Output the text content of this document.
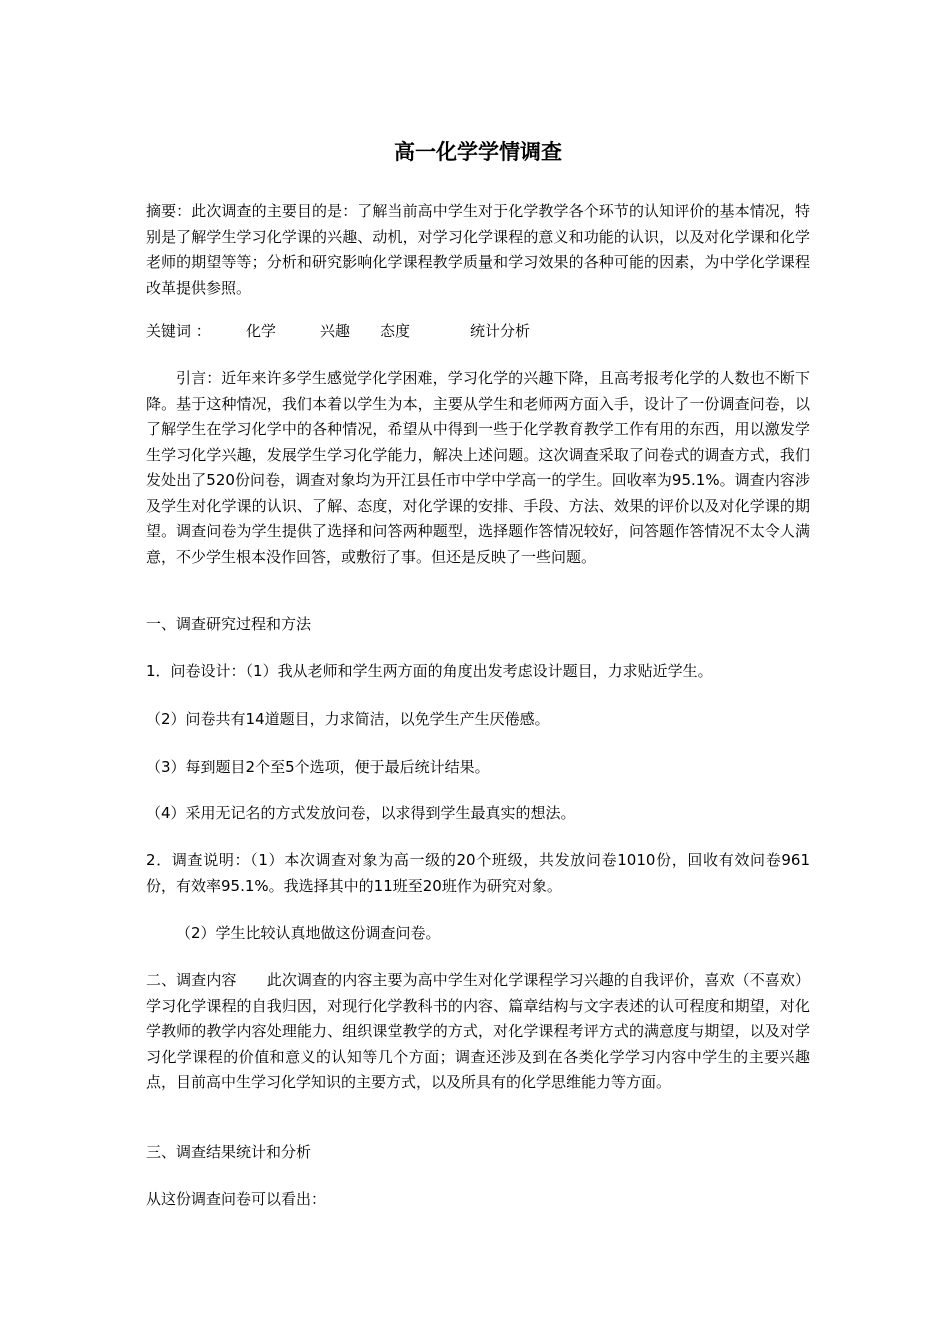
高一化学学情调查

摘要：此次调查的主要目的是：了解当前高中学生对于化学教学各个环节的认知评价的基本情况，特别是了解学生学习化学课的兴趣、动机，对学习化学课程的意义和功能的认识，以及对化学课和化学老师的期望等等；分析和研究影响化学课程教学质量和学习效果的各种可能的因素，为中学化学课程改革提供参照。

关键词 ： 化学	兴趣 态度	统计分析

引言：近年来许多学生感觉学化学困难，学习化学的兴趣下降，且高考报考化学的人数也不断下降。基于这种情况，我们本着以学生为本，主要从学生和老师两方面入手，设计了一份调查问卷，以了解学生在学习化学中的各种情况，希望从中得到一些于化学教育教学工作有用的东西，用以激发学生学习化学兴趣，发展学生学习化学能力，解决上述问题。这次调查采取了问卷式的调查方式，我们发处出了520份问卷，调查对象均为开江县任市中学中学高一的学生。回收率为95.1%。调查内容涉及学生对化学课的认识、了解、态度，对化学课的安排、手段、方法、效果的评价以及对化学课的期望。调查问卷为学生提供了选择和问答两种题型，选择题作答情况较好，问答题作答情况不太令人满意，不少学生根本没作回答，或敷衍了事。但还是反映了一些问题。

一、调查研究过程和方法

1．问卷设计：（1）我从老师和学生两方面的角度出发考虑设计题目，力求贴近学生。

（2）问卷共有14道题目，力求简洁，以免学生产生厌倦感。

（3）每到题目2个至5个选项，便于最后统计结果。

（4）采用无记名的方式发放问卷，以求得到学生最真实的想法。

2．调查说明：（1）本次调查对象为高一级的20个班级，共发放问卷1010份，回收有效问卷961份，有效率95.1%。我选择其中的11班至20班作为研究对象。

（2）学生比较认真地做这份调查问卷。

二、调查内容　　此次调查的内容主要为高中学生对化学课程学习兴趣的自我评价，喜欢（不喜欢）学习化学课程的自我归因，对现行化学教科书的内容、篇章结构与文字表述的认可程度和期望，对化学教师的教学内容处理能力、组织课堂教学的方式，对化学课程考评方式的满意度与期望，以及对学习化学课程的价值和意义的认知等几个方面；调查还涉及到在各类化学学习内容中学生的主要兴趣点，目前高中生学习化学知识的主要方式，以及所具有的化学思维能力等方面。

三、调查结果统计和分析

从这份调查问卷可以看出：
